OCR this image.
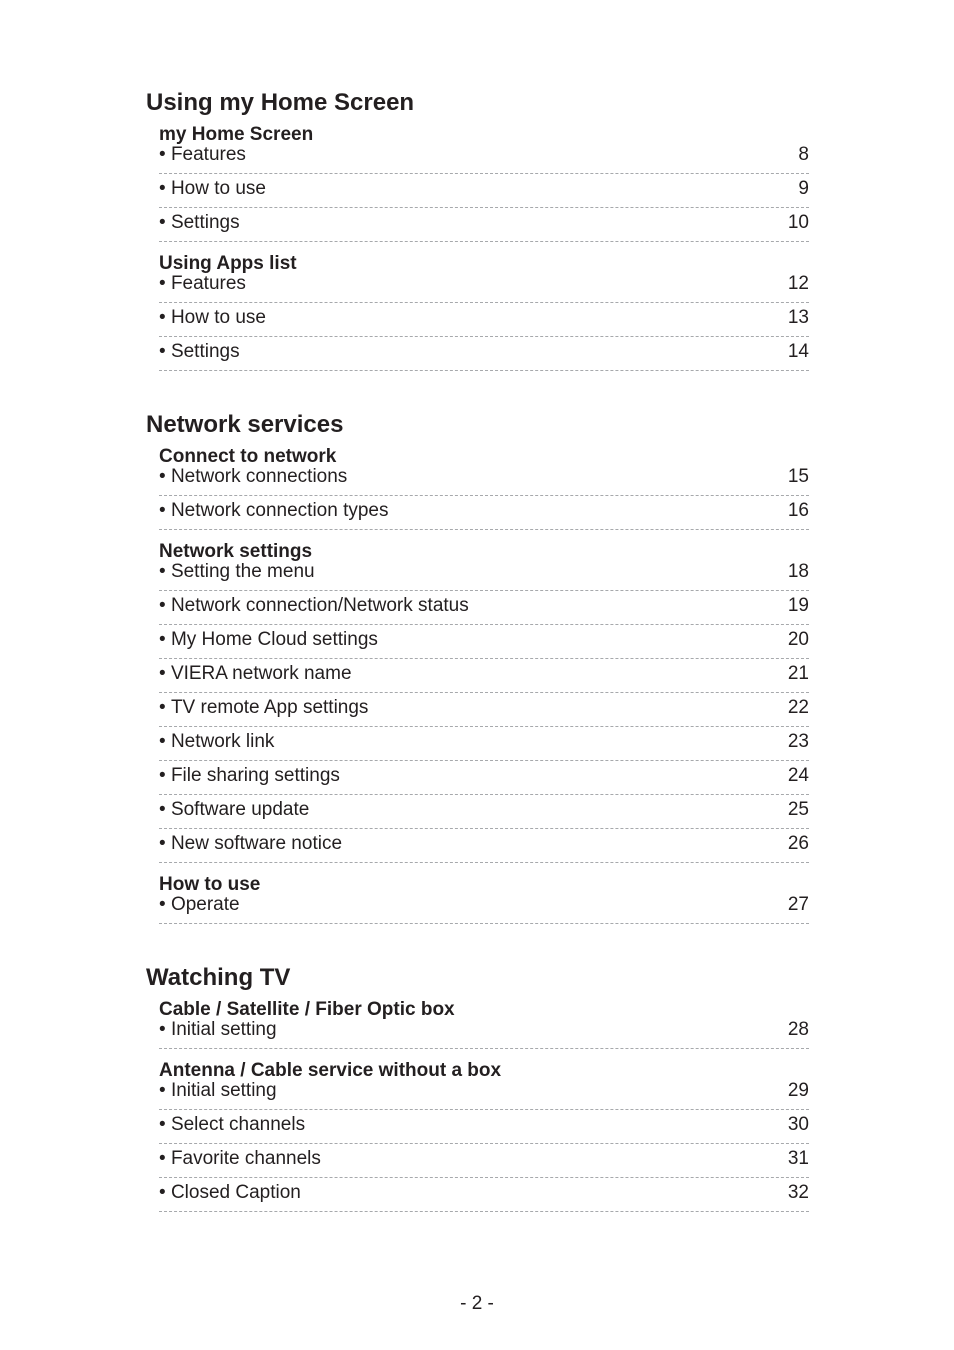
Using my Home Screen
my Home Screen
• Features	8
• How to use	9
• Settings	10
Using Apps list
• Features	12
• How to use	13
• Settings	14
Network services
Connect to network
• Network connections	15
• Network connection types	16
Network settings
• Setting the menu	18
• Network connection/Network status	19
• My Home Cloud settings	20
• VIERA network name	21
• TV remote App settings	22
• Network link	23
• File sharing settings	24
• Software update	25
• New software notice	26
How to use
• Operate	27
Watching TV
Cable / Satellite / Fiber Optic box
• Initial setting	28
Antenna / Cable service without a box
• Initial setting	29
• Select channels	30
• Favorite channels	31
• Closed Caption	32
- 2 -
